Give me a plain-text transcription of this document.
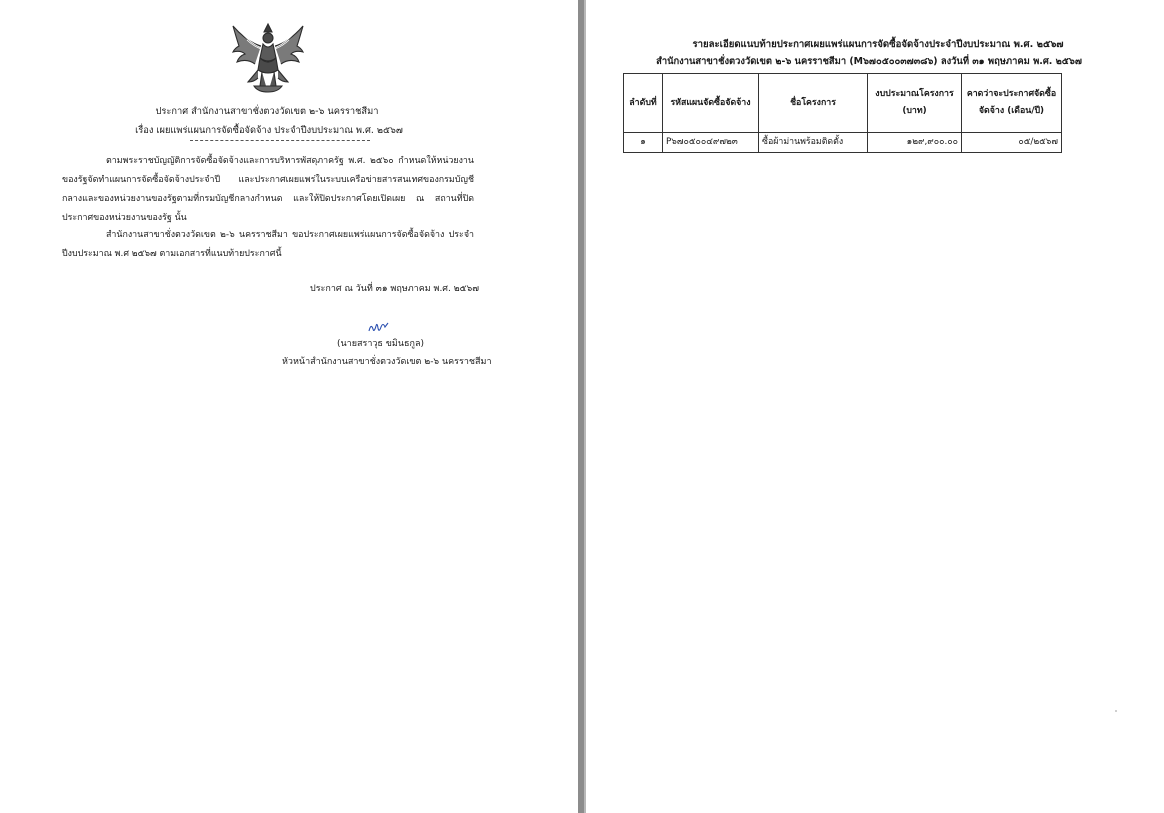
ประกาศ สำนักงานสาขาชั่งตวงวัดเขต ๒-๖ นครราชสีมา
เรื่อง เผยแพร่แผนการจัดซื้อจัดจ้าง ประจำปีงบประมาณ พ.ศ. ๒๕๖๗
ตามพระราชบัญญัติการจัดซื้อจัดจ้างและการบริหารพัสดุภาครัฐ พ.ศ. ๒๕๖๐ กำหนดให้หน่วยงานของรัฐจัดทำแผนการจัดซื้อจัดจ้างประจำปี และประกาศเผยแพร่ในระบบเครือข่ายสารสนเทศของกรมบัญชีกลางและของหน่วยงานของรัฐตามที่กรมบัญชีกลางกำหนด และให้ปิดประกาศโดยเปิดเผย ณ สถานที่ปิดประกาศของหน่วยงานของรัฐ นั้น
สำนักงานสาขาชั่งตวงวัดเขต ๒-๖ นครราชสีมา ขอประกาศเผยแพร่แผนการจัดซื้อจัดจ้าง ประจำปีงบประมาณ พ.ศ ๒๕๖๗ ตามเอกสารที่แนบท้ายประกาศนี้
ประกาศ ณ วันที่ ๓๑ พฤษภาคม พ.ศ. ๒๕๖๗
(นายสราวุธ ขมินธกูล)
หัวหน้าสำนักงานสาขาชั่งตวงวัดเขต ๒-๖ นครราชสีมา
รายละเอียดแนบท้ายประกาศเผยแพร่แผนการจัดซื้อจัดจ้างประจำปีงบประมาณ พ.ศ. ๒๕๖๗
สำนักงานสาขาชั่งตวงวัดเขต ๒-๖ นครราชสีมา (M๖๗๐๕๐๐๓๗๓๘๖) ลงวันที่ ๓๑ พฤษภาคม พ.ศ. ๒๕๖๗
ลำดับที่	รหัสแผนจัดซื้อจัดจ้าง	ชื่อโครงการ	งบประมาณโครงการ (บาท)	คาดว่าจะประกาศจัดซื้อจัดจ้าง (เดือน/ปี)
๑	P๖๗๐๕๐๐๔๙๗๒๓	ซื้อผ้าม่านพร้อมติดตั้ง	๑๒๙,๙๐๐.๐๐	๐๕/๒๕๖๗
